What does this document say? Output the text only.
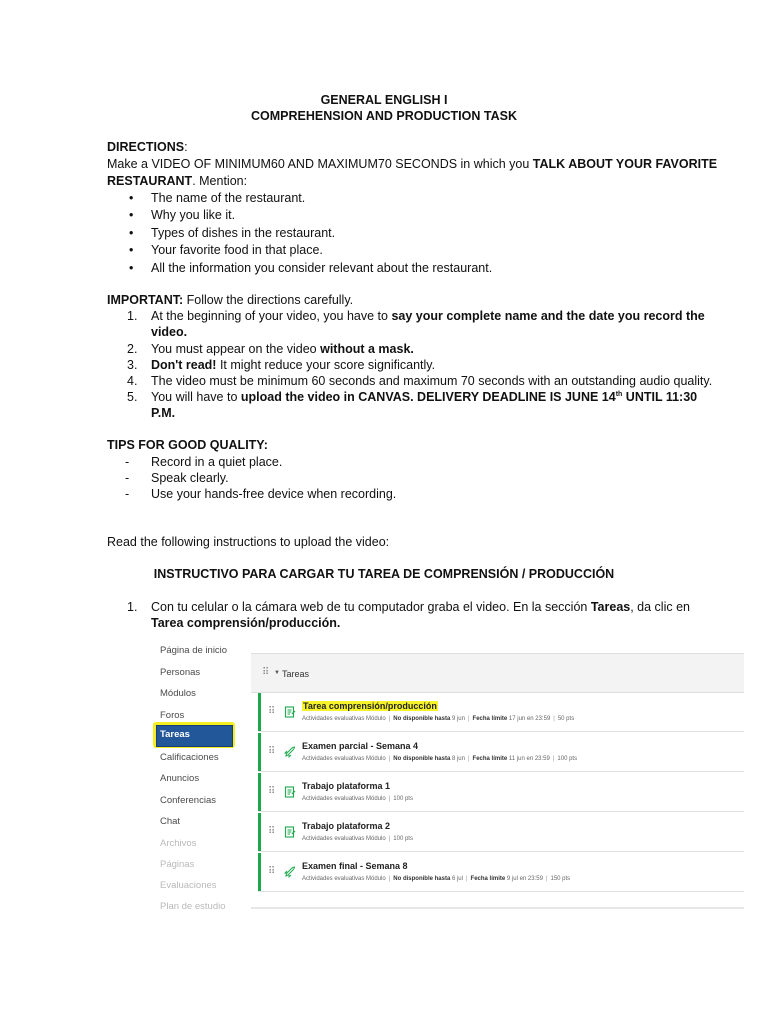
GENERAL ENGLISH I
COMPREHENSION AND PRODUCTION TASK
DIRECTIONS:
Make a VIDEO OF MINIMUM60 AND MAXIMUM70 SECONDS in which you TALK ABOUT YOUR FAVORITE
RESTAURANT. Mention:
• The name of the restaurant.
• Why you like it.
• Types of dishes in the restaurant.
• Your favorite food in that place.
• All the information you consider relevant about the restaurant.
IMPORTANT: Follow the directions carefully.
1. At the beginning of your video, you have to say your complete name and the date you record the
video.
2. You must appear on the video without a mask.
3. Don't read! It might reduce your score significantly.
4. The video must be minimum 60 seconds and maximum 70 seconds with an outstanding audio quality.
5. You will have to upload the video in CANVAS. DELIVERY DEADLINE IS JUNE 14th UNTIL 11:30
P.M.
TIPS FOR GOOD QUALITY:
- Record in a quiet place.
- Speak clearly.
- Use your hands-free device when recording.
Read the following instructions to upload the video:
INSTRUCTIVO PARA CARGAR TU TAREA DE COMPRENSIÓN / PRODUCCIÓN
1. Con tu celular o la cámara web de tu computador graba el video. En la sección Tareas, da clic en
Tarea comprensión/producción.
Página de inicio
Personas
Módulos
Foros
Tareas
Calificaciones
Anuncios
Conferencias
Chat
Archivos
Páginas
Evaluaciones
Plan de estudio
⠿ ▼ Tareas
⠿	Tarea comprensión/producción
Actividades evaluativas Módulo | No disponible hasta 9 jun | Fecha límite 17 jun en 23:59 | 50 pts
⠿	Examen parcial - Semana 4
Actividades evaluativas Módulo | No disponible hasta 8 jun | Fecha límite 11 jun en 23:59 | 100 pts
⠿	Trabajo plataforma 1
Actividades evaluativas Módulo | 100 pts
⠿	Trabajo plataforma 2
Actividades evaluativas Módulo | 100 pts
⠿	Examen final - Semana 8
Actividades evaluativas Módulo | No disponible hasta 6 jul | Fecha límite 9 jul en 23:59 | 150 pts
